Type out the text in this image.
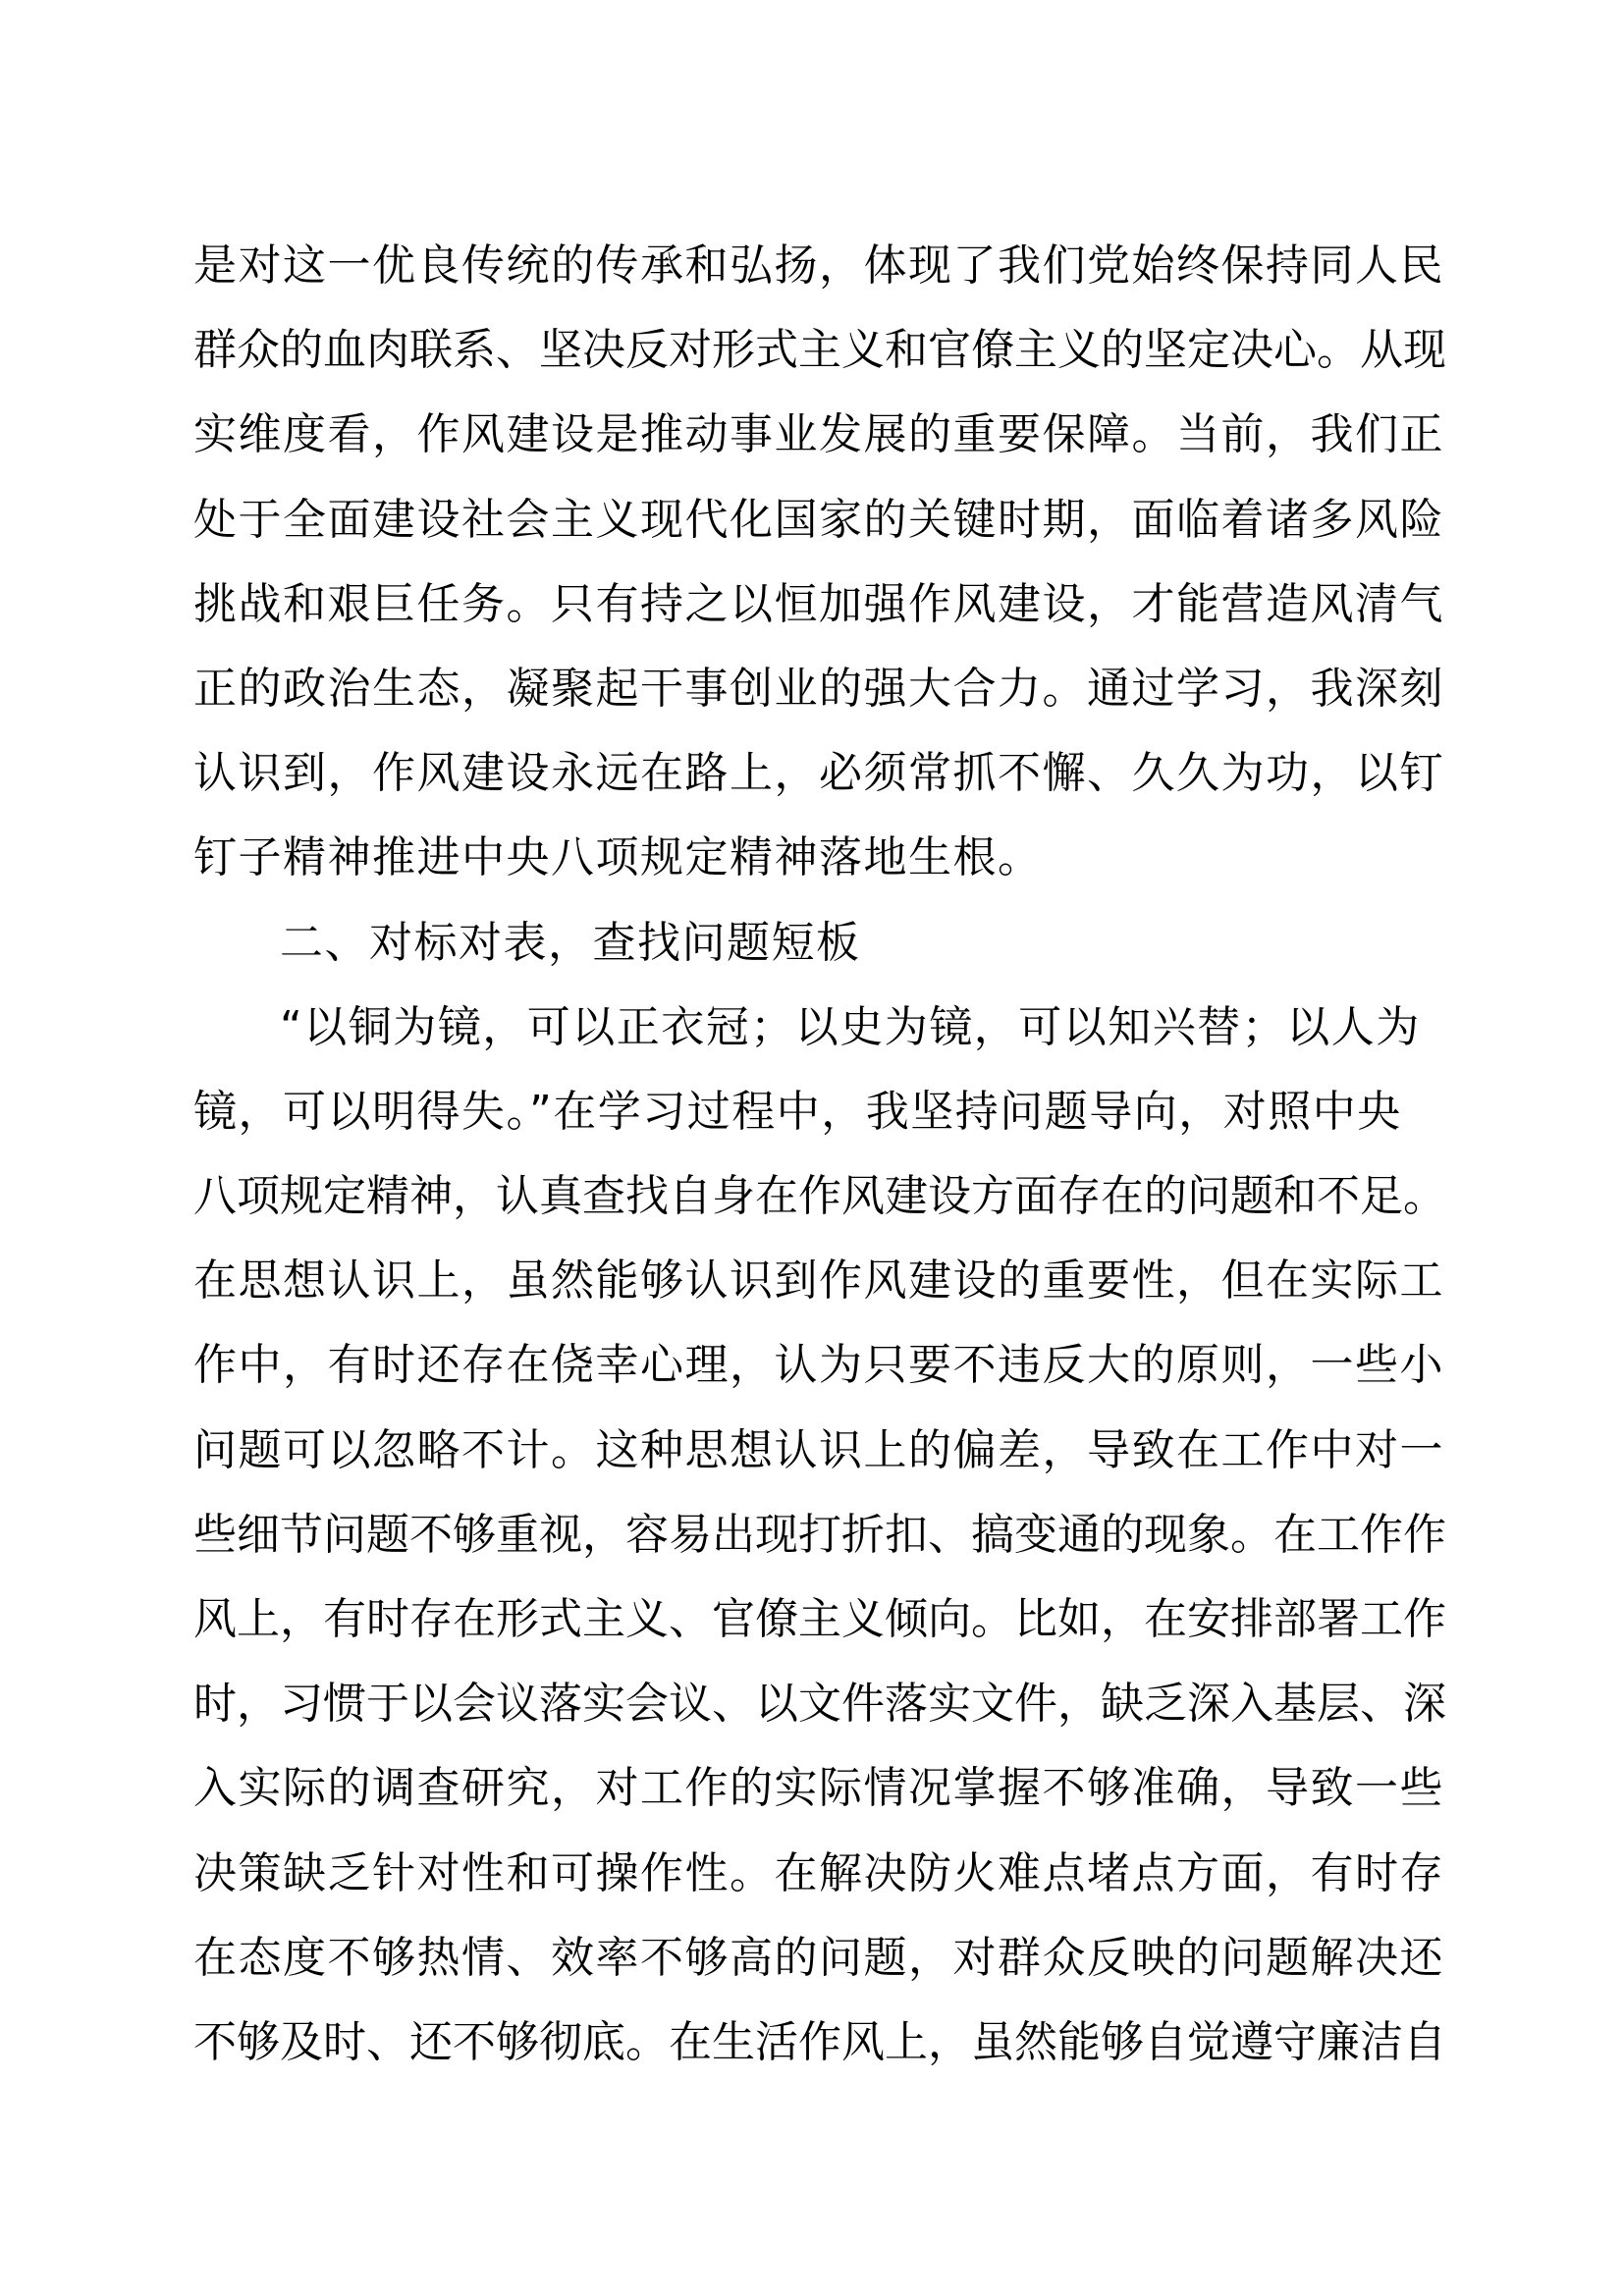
是对这一优良传统的传承和弘扬，体现了我们党始终保持同人民
群众的血肉联系、坚决反对形式主义和官僚主义的坚定决心。从现
实维度看，作风建设是推动事业发展的重要保障。当前，我们正
处于全面建设社会主义现代化国家的关键时期，面临着诸多风险
挑战和艰巨任务。只有持之以恒加强作风建设，才能营造风清气
正的政治生态，凝聚起干事创业的强大合力。通过学习，我深刻
认识到，作风建设永远在路上，必须常抓不懈、久久为功，以钉
钉子精神推进中央八项规定精神落地生根。
二、对标对表，查找问题短板
“以铜为镜，可以正衣冠；以史为镜，可以知兴替；以人为
镜，可以明得失。”在学习过程中，我坚持问题导向，对照中央
八项规定精神，认真查找自身在作风建设方面存在的问题和不足。
在思想认识上，虽然能够认识到作风建设的重要性，但在实际工
作中，有时还存在侥幸心理，认为只要不违反大的原则，一些小
问题可以忽略不计。这种思想认识上的偏差，导致在工作中对一
些细节问题不够重视，容易出现打折扣、搞变通的现象。在工作作
风上，有时存在形式主义、官僚主义倾向。比如，在安排部署工作
时，习惯于以会议落实会议、以文件落实文件，缺乏深入基层、深
入实际的调查研究，对工作的实际情况掌握不够准确，导致一些
决策缺乏针对性和可操作性。在解决防火难点堵点方面，有时存
在态度不够热情、效率不够高的问题，对群众反映的问题解决还
不够及时、还不够彻底。在生活作风上，虽然能够自觉遵守廉洁自
